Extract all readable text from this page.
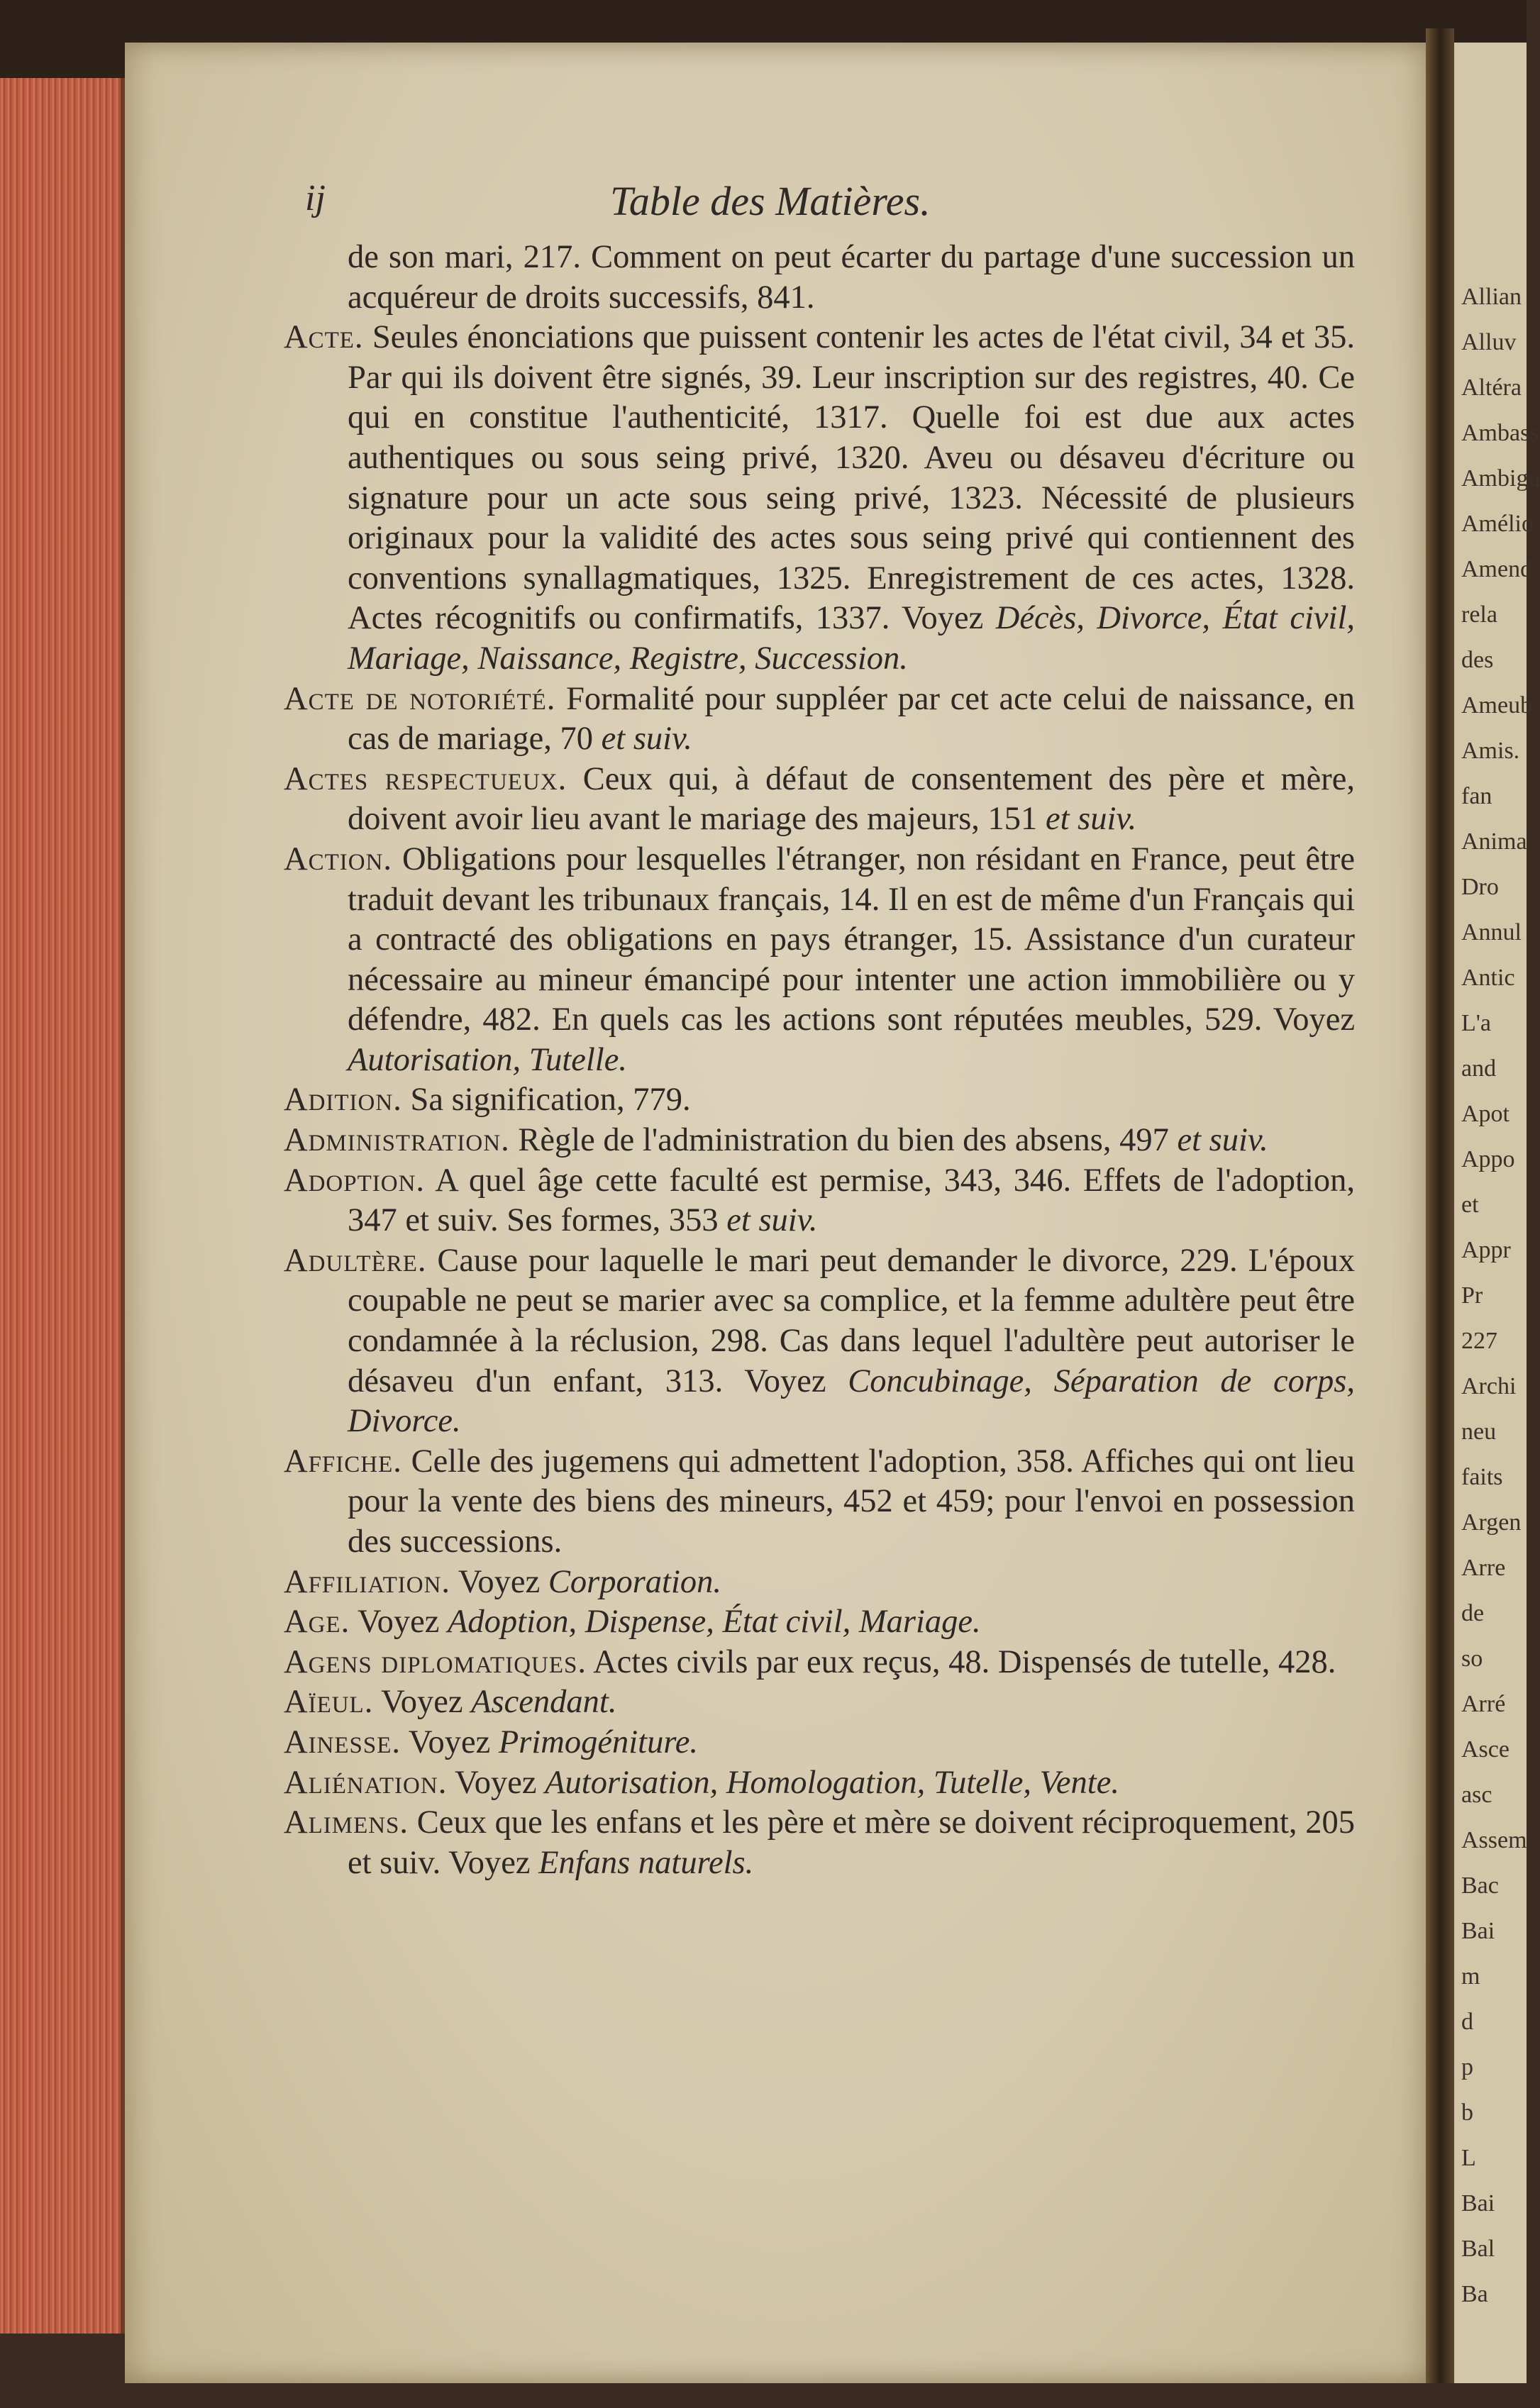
Allian
Alluv
Altéra
Ambass
Ambigu
Amélio
Amend
rela
des
Ameub
Amis.
fan
Anima
Dro
Annul
Antic
L'a
and
Apot
Appo
et
Appr
Pr
227
Archi
neu
faits
Argen
Arre
de
so
Arré
Asce
asc
Assem
Bac
Bai
m
d
p
b
L
Bai
Bal
Ba
ij	Table des Matières.

de son mari, 217. Comment on peut écarter du partage d'une succession un acquéreur de droits successifs, 841.

Acte. Seules énonciations que puissent contenir les actes de l'état civil, 34 et 35. Par qui ils doivent être signés, 39. Leur inscription sur des registres, 40. Ce qui en constitue l'authenticité, 1317. Quelle foi est due aux actes authentiques ou sous seing privé, 1320. Aveu ou désaveu d'écriture ou signature pour un acte sous seing privé, 1323. Nécessité de plusieurs originaux pour la validité des actes sous seing privé qui contiennent des conventions synallagmatiques, 1325. Enregistrement de ces actes, 1328. Actes récognitifs ou confirmatifs, 1337. Voyez Décès, Divorce, État civil, Mariage, Naissance, Registre, Succession.

Acte de notoriété. Formalité pour suppléer par cet acte celui de naissance, en cas de mariage, 70 et suiv.

Actes respectueux. Ceux qui, à défaut de consentement des père et mère, doivent avoir lieu avant le mariage des majeurs, 151 et suiv.

Action. Obligations pour lesquelles l'étranger, non résidant en France, peut être traduit devant les tribunaux français, 14. Il en est de même d'un Français qui a contracté des obligations en pays étranger, 15. Assistance d'un curateur nécessaire au mineur émancipé pour intenter une action immobilière ou y défendre, 482. En quels cas les actions sont réputées meubles, 529. Voyez Autorisation, Tutelle.

Adition. Sa signification, 779.

Administration. Règle de l'administration du bien des absens, 497 et suiv.

Adoption. A quel âge cette faculté est permise, 343, 346. Effets de l'adoption, 347 et suiv. Ses formes, 353 et suiv.

Adultère. Cause pour laquelle le mari peut demander le divorce, 229. L'époux coupable ne peut se marier avec sa complice, et la femme adultère peut être condamnée à la réclusion, 298. Cas dans lequel l'adultère peut autoriser le désaveu d'un enfant, 313. Voyez Concubinage, Séparation de corps, Divorce.

Affiche. Celle des jugemens qui admettent l'adoption, 358. Affiches qui ont lieu pour la vente des biens des mineurs, 452 et 459; pour l'envoi en possession des successions.

Affiliation. Voyez Corporation.

Age. Voyez Adoption, Dispense, État civil, Mariage.

Agens diplomatiques. Actes civils par eux reçus, 48. Dispensés de tutelle, 428.

Aïeul. Voyez Ascendant.

Ainesse. Voyez Primogéniture.

Aliénation. Voyez Autorisation, Homologation, Tutelle, Vente.

Alimens. Ceux que les enfans et les père et mère se doivent réciproquement, 205 et suiv. Voyez Enfans naturels.
